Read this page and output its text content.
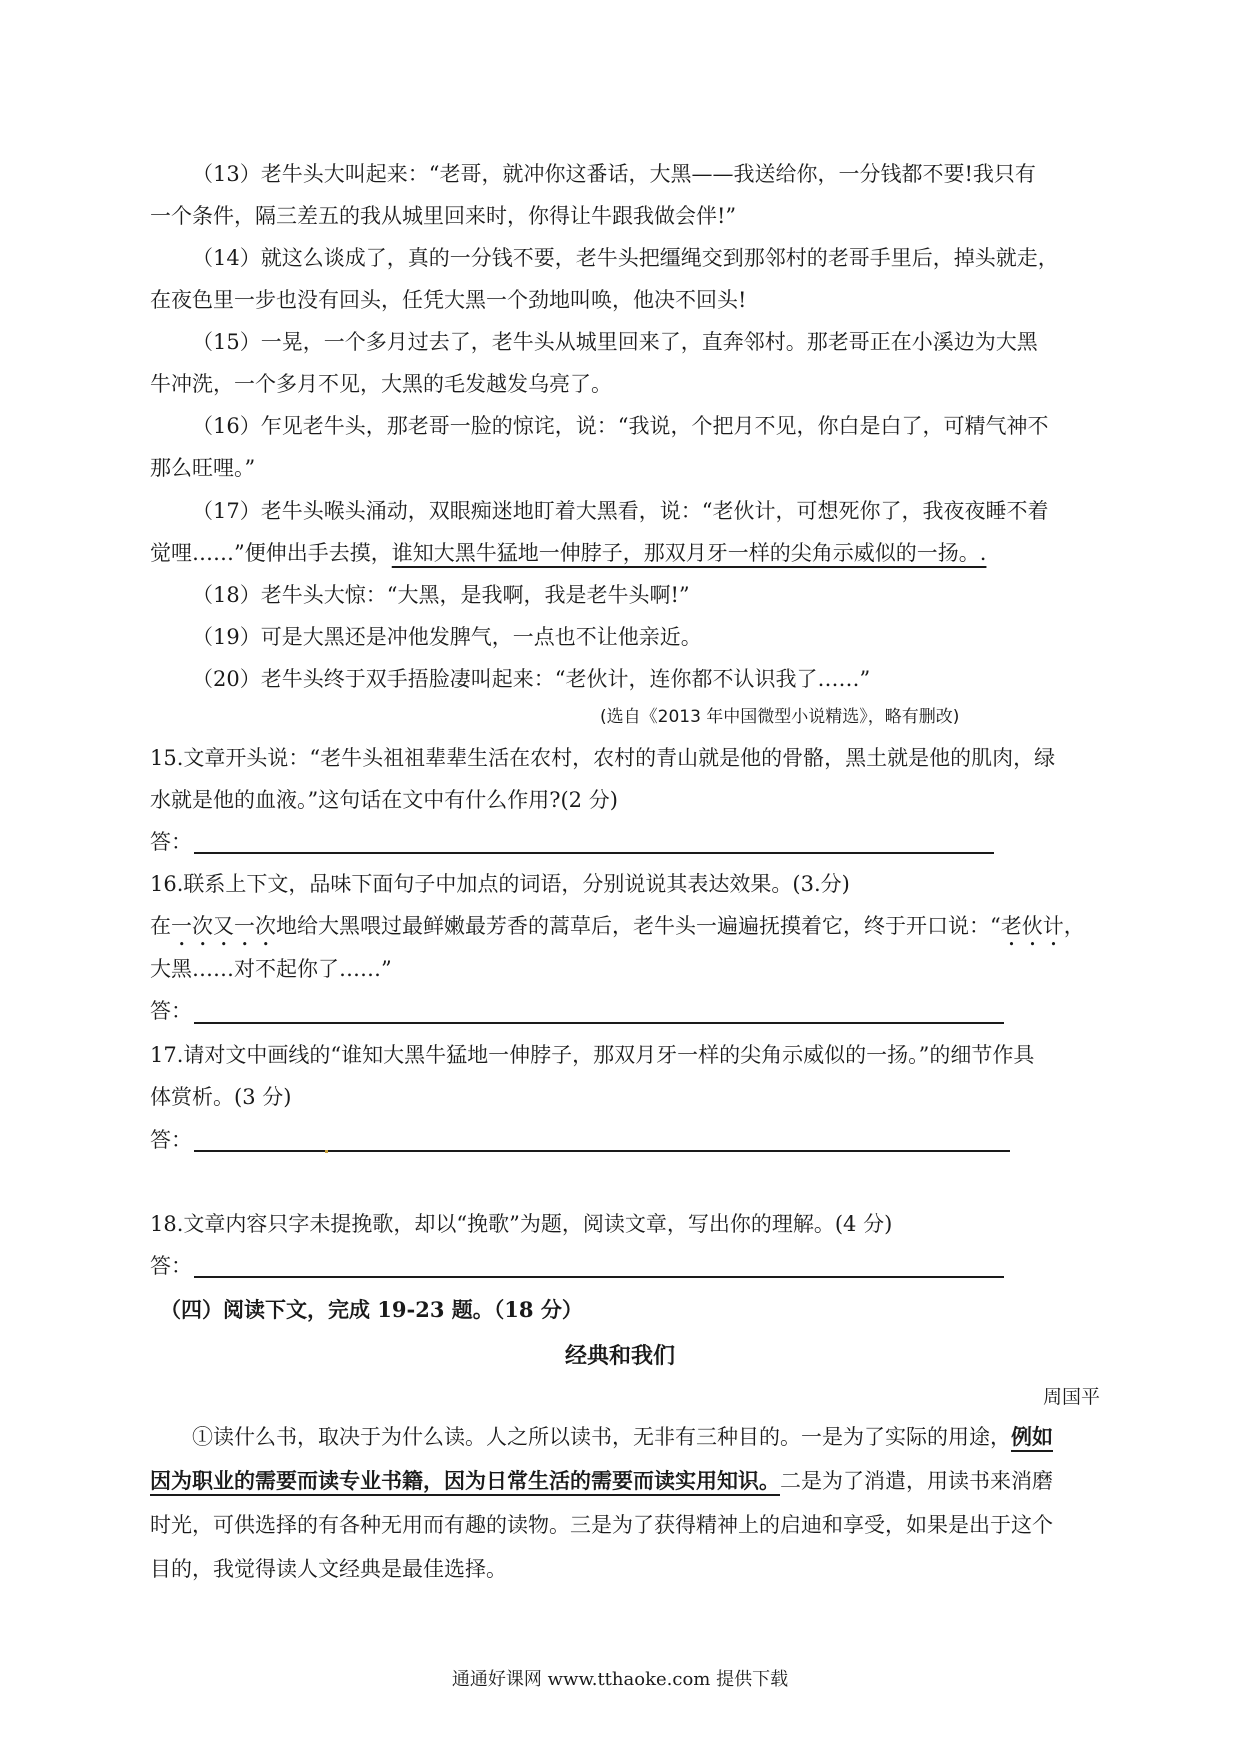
（13）老牛头大叫起来：“老哥，就冲你这番话，大黑——我送给你，一分钱都不要!我只有
一个条件，隔三差五的我从城里回来时，你得让牛跟我做会伴!”
（14）就这么谈成了，真的一分钱不要，老牛头把缰绳交到那邻村的老哥手里后，掉头就走，
在夜色里一步也没有回头，任凭大黑一个劲地叫唤，他决不回头!
（15）一晃，一个多月过去了，老牛头从城里回来了，直奔邻村。那老哥正在小溪边为大黑
牛冲洗，一个多月不见，大黑的毛发越发乌亮了。
（16）乍见老牛头，那老哥一脸的惊诧，说：“我说，个把月不见，你白是白了，可精气神不
那么旺哩。”
（17）老牛头喉头涌动，双眼痴迷地盯着大黑看，说：“老伙计，可想死你了，我夜夜睡不着
觉哩……”便伸出手去摸，谁知大黑牛猛地一伸脖子，那双月牙一样的尖角示威似的一扬。.
（18）老牛头大惊：“大黑，是我啊，我是老牛头啊!”
（19）可是大黑还是冲他发脾气，一点也不让他亲近。
（20）老牛头终于双手捂脸凄叫起来：“老伙计，连你都不认识我了……”
(选自《2013 年中国微型小说精选》，略有删改)
15.文章开头说：“老牛头祖祖辈辈生活在农村，农村的青山就是他的骨骼，黑土就是他的肌肉，绿
水就是他的血液。”这句话在文中有什么作用?(2 分)
答：
16.联系上下文，品味下面句子中加点的词语，分别说说其表达效果。(3.分)
在一次又一次地给大黑喂过最鲜嫩最芳香的蒿草后，老牛头一遍遍抚摸着它，终于开口说：“老伙计，
大黑……对不起你了……”
答：
17.请对文中画线的“谁知大黑牛猛地一伸脖子，那双月牙一样的尖角示威似的一扬。”的细节作具
体赏析。(3 分)
答：
18.文章内容只字未提挽歌，却以“挽歌”为题，阅读文章，写出你的理解。(4 分)
答：
（四）阅读下文，完成 19-23 题。（18 分）
经典和我们
周国平
①读什么书，取决于为什么读。人之所以读书，无非有三种目的。一是为了实际的用途，例如
因为职业的需要而读专业书籍，因为日常生活的需要而读实用知识。二是为了消遣，用读书来消磨
时光，可供选择的有各种无用而有趣的读物。三是为了获得精神上的启迪和享受，如果是出于这个
目的，我觉得读人文经典是最佳选择。
通通好课网 www.tthaoke.com 提供下载
